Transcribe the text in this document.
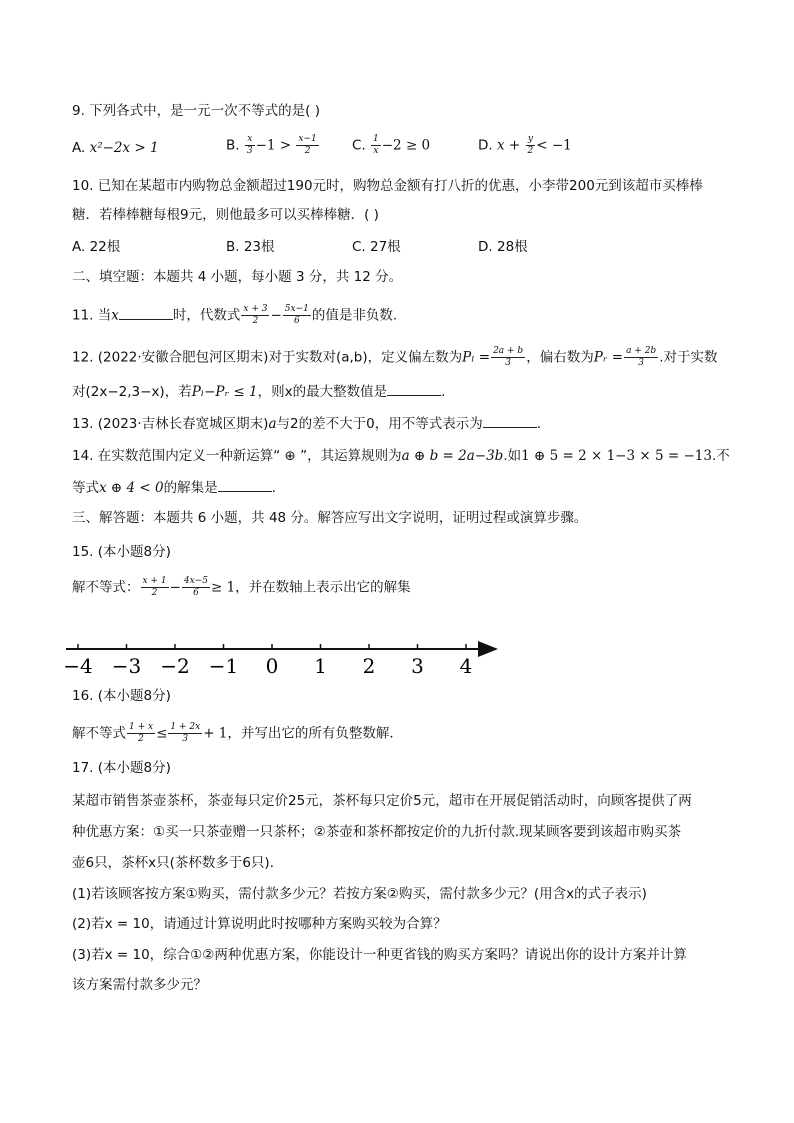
9. 下列各式中，是一元一次不等式的是( )
A. x²−2x > 1	B. $\frac{x}{3} -1 > \frac{x-1}{2} C$. $\frac{1}{x} -2 \ge 0$	D. $x + \frac{y}{2} < -1$
10. 已知在某超市内购物总金额超过190元时，购物总金额有打八折的优惠，小李带200元到该超市买棒棒
糖．若棒棒糖每根9元，则他最多可以买棒棒糖．( )
A. 22根	B. 23根	C. 27根	D. 28根
二、填空题：本题共 4 小题，每小题 3 分，共 12 分。
11. 当x	时，代数式 $\frac{x + 3}{2} - \frac{5x-1}{6}$ 的值是非负数.
12. (2022·安徽合肥包河区期末)对于实数对(a,b)，定义偏左数为$P_l = \frac{2a + b}{3}$ ，偏右数为Pᵣ = $\frac{a + 2b}{3}$ .对于实数
对(2x−2,3−x)，若Pₗ−Pᵣ ≤ 1，则x的最大整数值是	.
13. (2023·吉林长春宽城区期末)a与2的差不大于0，用不等式表示为	.
14. 在实数范围内定义一种新运算“ ⊕ ”，其运算规则为a ⊕ b = 2a−3b.如1 ⊕ 5 = 2 × 1−3 × 5 = −13.不
等式x ⊕ 4 < 0的解集是	.
三、解答题：本题共 6 小题，共 48 分。解答应写出文字说明，证明过程或演算步骤。
15. (本小题8分)
解不等式： $\frac{x + 1}{2} - \frac{4x-5}{6} \ge 1$，并在数轴上表示出它的解集
−4 −3 −2 −1 0 1 2 3 4
16. (本小题8分)
解不等式 $\frac{1 + x}{2} \le \frac{1 + 2x}{3} + 1$，并写出它的所有负整数解．
17. (本小题8分)
某超市销售茶壶茶杯，茶壶每只定价25元，茶杯每只定价5元，超市在开展促销活动时，向顾客提供了两
种优惠方案：①买一只茶壶赠一只茶杯；②茶壶和茶杯都按定价的九折付款.现某顾客要到该超市购买茶
壶6只，茶杯x只(茶杯数多于6只)．
(1)若该顾客按方案①购买，需付款多少元？若按方案②购买，需付款多少元？(用含x的式子表示)
(2)若x = 10，请通过计算说明此时按哪种方案购买较为合算？
(3)若x = 10，综合①②两种优惠方案，你能设计一种更省钱的购买方案吗？请说出你的设计方案并计算
该方案需付款多少元？
